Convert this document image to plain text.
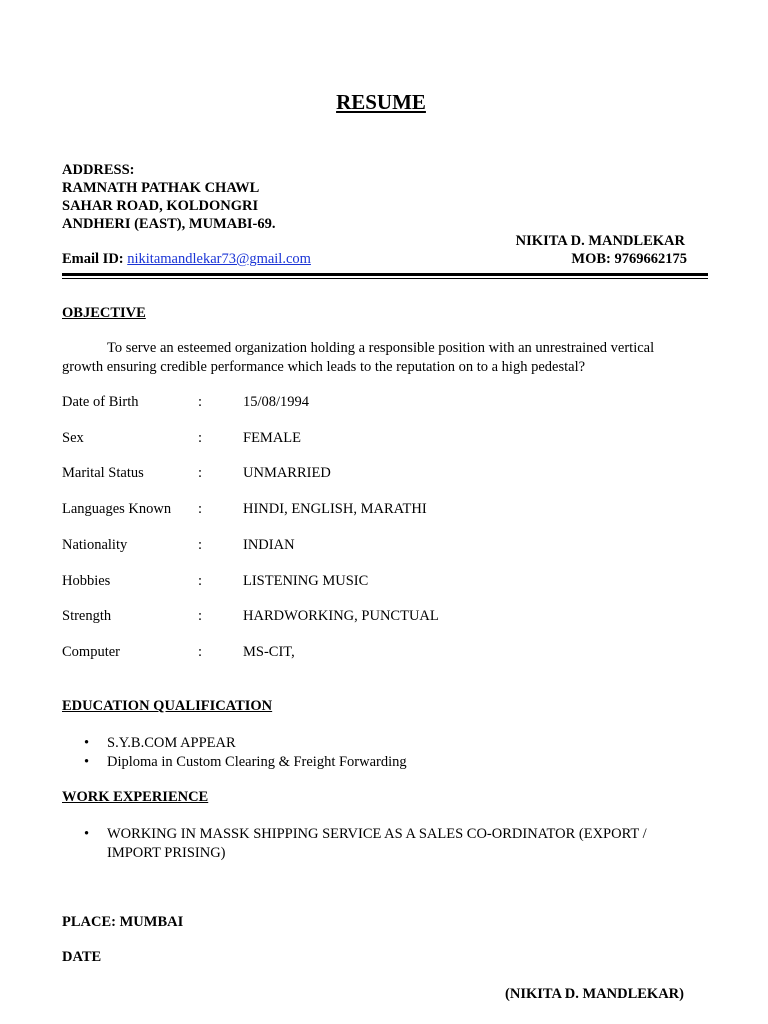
RESUME
ADDRESS:
RAMNATH PATHAK CHAWL
SAHAR ROAD, KOLDONGRI
ANDHERI (EAST), MUMABI-69.
NIKITA D. MANDLEKAR
Email ID: nikitamandlekar73@gmail.com	MOB: 9769662175
OBJECTIVE
To serve an esteemed organization holding a responsible position with an unrestrained vertical growth ensuring credible performance which leads to the reputation on to a high pedestal?
Date of Birth	:	15/08/1994
Sex	:	FEMALE
Marital Status	:	UNMARRIED
Languages Known :	HINDI, ENGLISH, MARATHI
Nationality	:	INDIAN
Hobbies	:	LISTENING MUSIC
Strength	:	HARDWORKING, PUNCTUAL
Computer	:	MS-CIT,
EDUCATION QUALIFICATION
• S.Y.B.COM APPEAR
• Diploma in Custom Clearing & Freight Forwarding
WORK EXPERIENCE
• WORKING IN MASSK SHIPPING SERVICE AS A SALES CO-ORDINATOR (EXPORT / IMPORT PRISING)
PLACE: MUMBAI
DATE
(NIKITA D. MANDLEKAR)
